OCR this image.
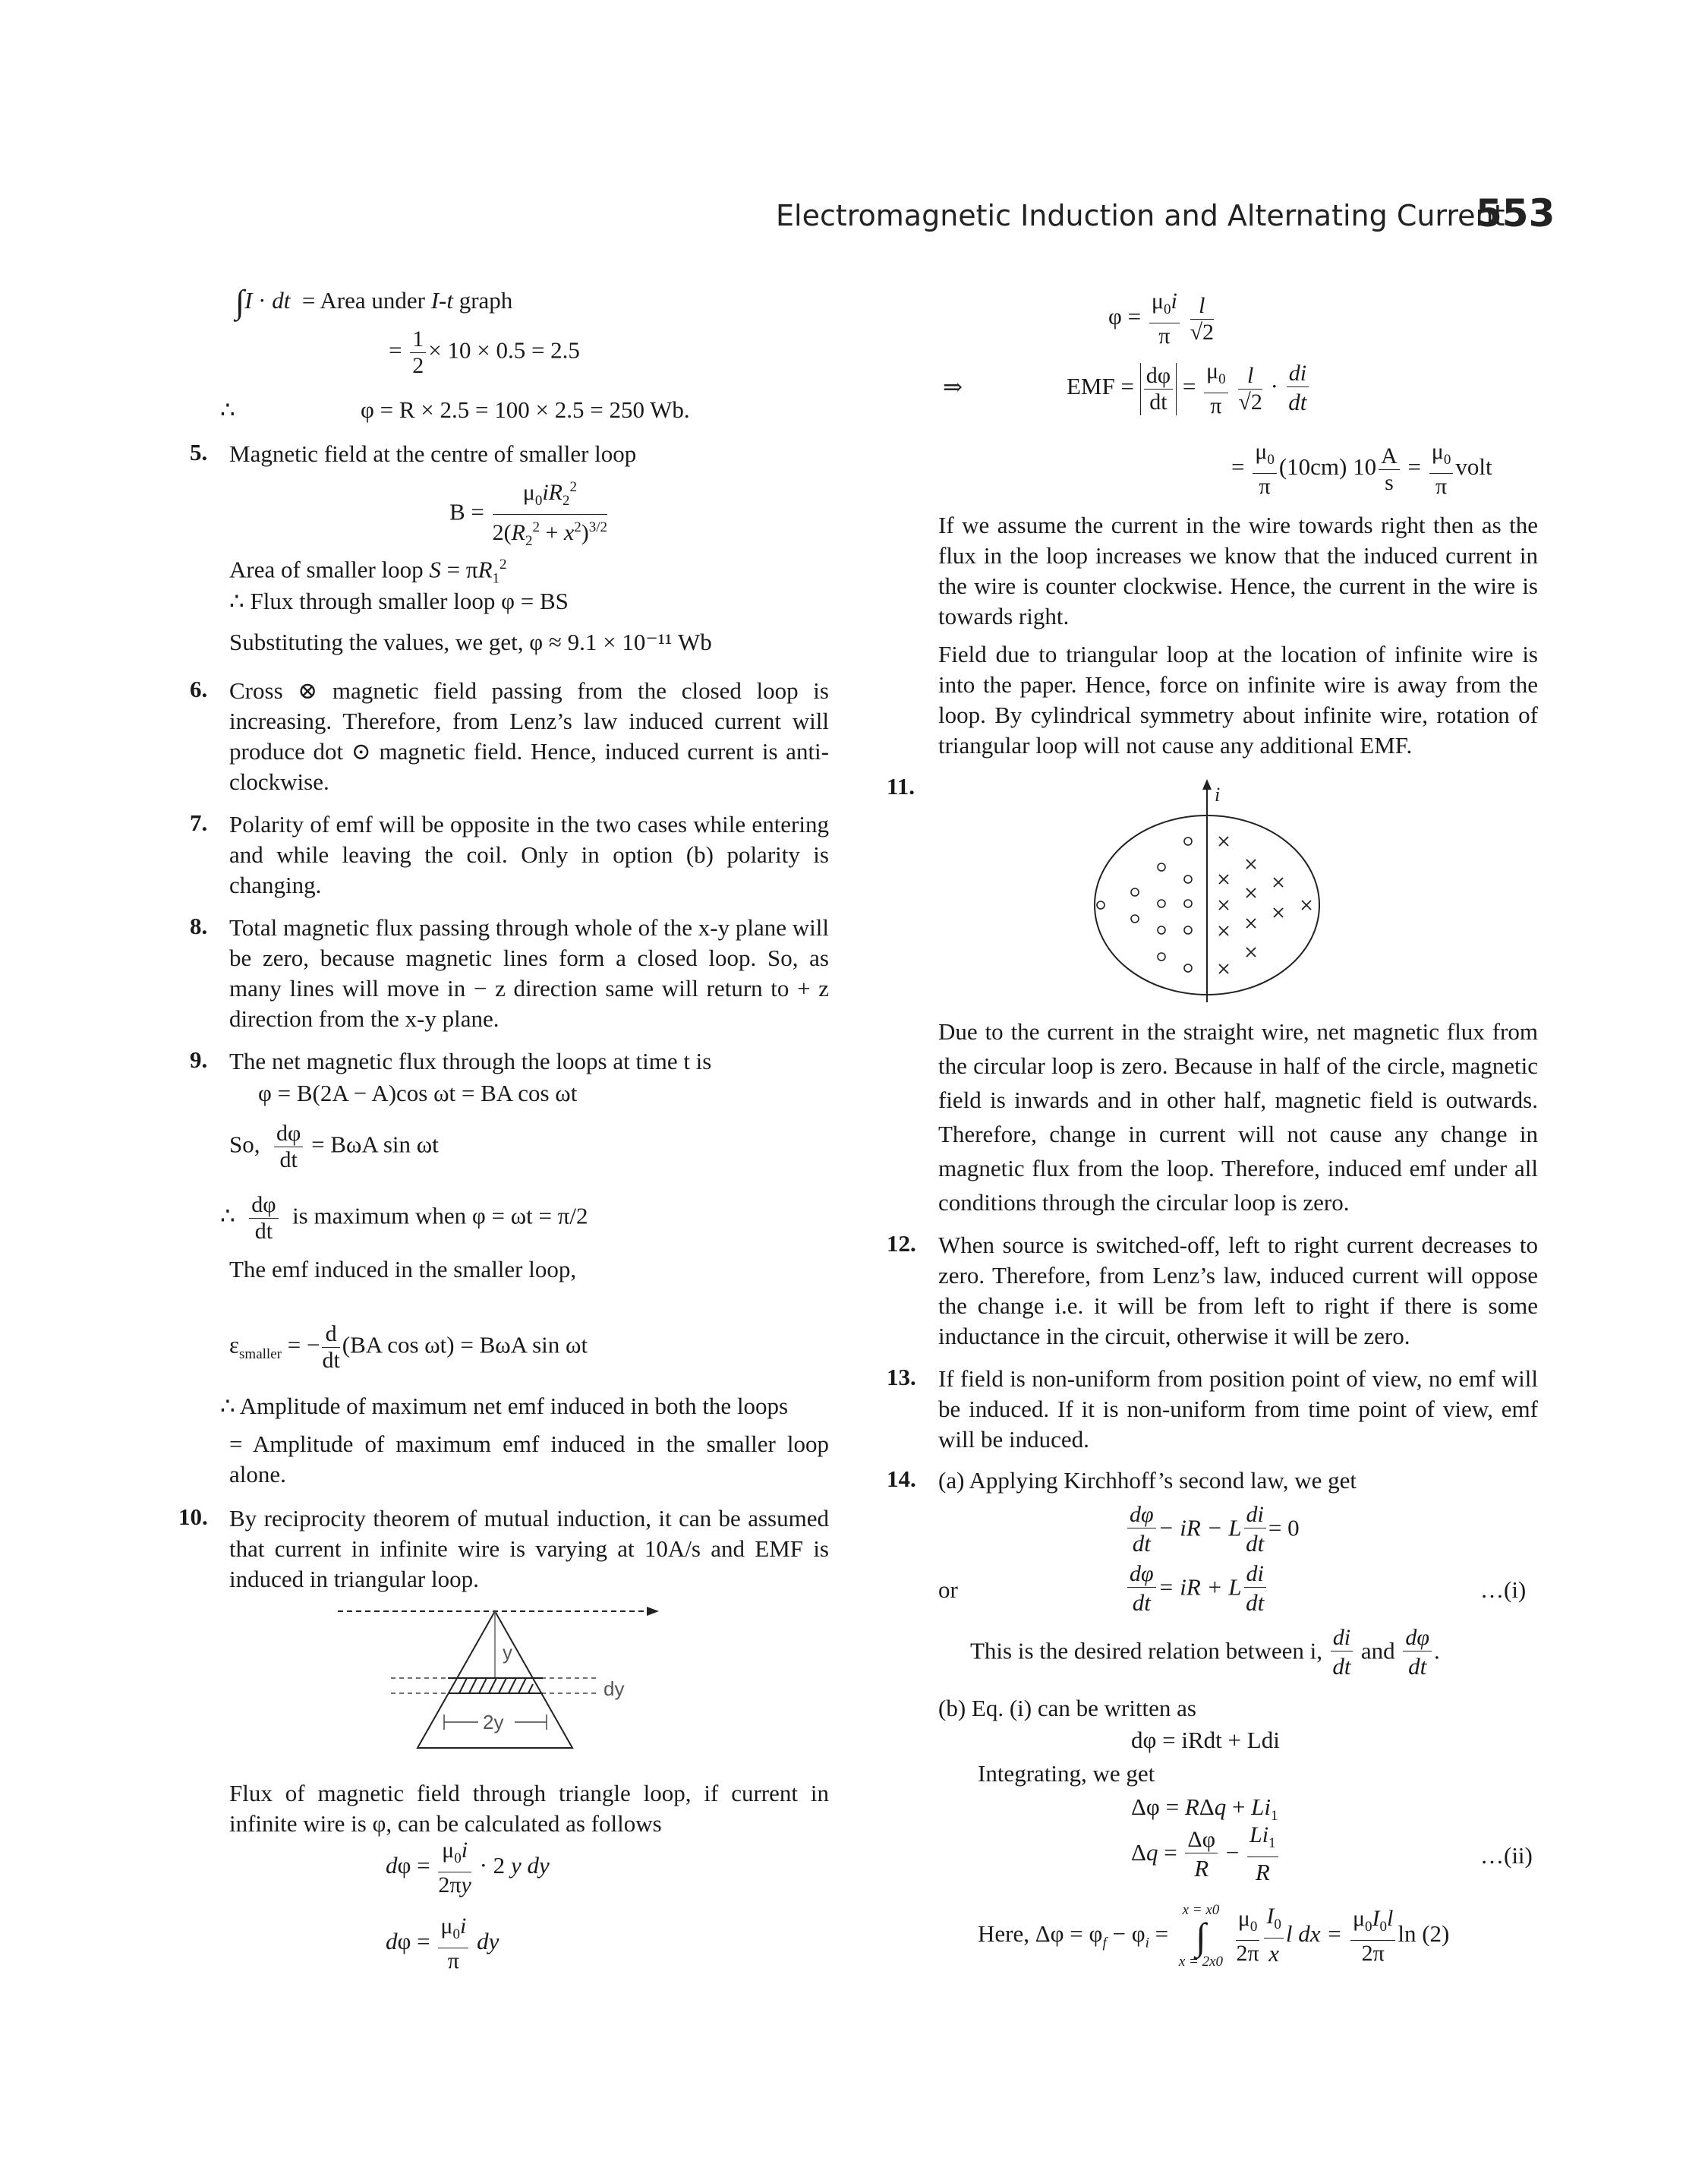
Electromagnetic Induction and Alternating Current
553
∫I · dt  = Area under I-t graph
= $\frac{1}{2} \times 10 \times 0.5 = 2.5$
∴	φ = R × 2.5 = 100 × 2.5 = 250 Wb.
5. Magnetic field at the centre of smaller loop
$B = \frac{\mu_0iR_2^2}{2(R_2^2 + x^2)^{3/2}}$
Area of smaller loop $S = \pi R_1^2$
∴ Flux through smaller loop φ = BS
Substituting the values, we get, φ ≈ 9.1 × 10⁻¹¹ Wb
6. Cross ⊗ magnetic field passing from the closed loop is increasing. Therefore, from Lenz’s law induced current will produce dot ⊙ magnetic field. Hence, induced current is anti-clockwise.
7. Polarity of emf will be opposite in the two cases while entering and while leaving the coil. Only in option (b) polarity is changing.
8. Total magnetic flux passing through whole of the x-y plane will be zero, because magnetic lines form a closed loop. So, as many lines will move in − z direction same will return to + z direction from the x-y plane.
9. The net magnetic flux through the loops at time t is
φ = B(2A − A)cos ωt = BA cos ωt
So, $\frac{d\varphi}{dt} = B\omega A$ sin ωt
∴ $\frac{d\varphi}{dt}$ is maximum when φ = ωt = π/2
The emf induced in the smaller loop,
$\varepsilon_{smaller}$ = − $\frac{d}{dt} (BA$ cos ωt) = BωA sin ωt
∴ Amplitude of maximum net emf induced in both the loops
= Amplitude of maximum emf induced in the smaller loop alone.
10. By reciprocity theorem of mutual induction, it can be assumed that current in infinite wire is varying at 10A/s and EMF is induced in triangular loop.
y
dy
2y
Flux of magnetic field through triangle loop, if current in infinite wire is φ, can be calculated as follows
$d\varphi = \frac{\mu_0i}{2\pi y} \cdot 2$ y dy
$d\varphi = \frac{\mu_0i}{\pi}$ dy
$\varphi = \frac{\mu_0i}{\pi}$
$\frac{l}{√2}$
⇒	EMF = $\frac{d\varphi}{dt} = \frac{\mu_0}{\pi}$
$\frac{l}{√2} \cdot \frac{di}{dt}$
= $\frac{\mu_0}{\pi} (10cm)$ $10 \frac{A}{s} = \frac{\mu_0}{\pi}$ volt
If we assume the current in the wire towards right then as the flux in the loop increases we know that the induced current in the wire is counter clockwise. Hence, the current in the wire is towards right.
Field due to triangular loop at the location of infinite wire is into the paper. Hence, force on infinite wire is away from the loop. By cylindrical symmetry about infinite wire, rotation of triangular loop will not cause any additional EMF.
11.	i
Due to the current in the straight wire, net magnetic flux from the circular loop is zero. Because in half of the circle, magnetic field is inwards and in other half, magnetic field is outwards. Therefore, change in current will not cause any change in magnetic flux from the loop. Therefore, induced emf under all conditions through the circular loop is zero.
12. When source is switched-off, left to right current decreases to zero. Therefore, from Lenz’s law, induced current will oppose the change i.e. it will be from left to right if there is some inductance in the circuit, otherwise it will be zero.
13. If field is non-uniform from position point of view, no emf will be induced. If it is non-uniform from time point of view, emf will be induced.
14. (a) Applying Kirchhoff’s second law, we get
$\frac{d\varphi}{dt}-$ iR − L $\frac{di}{dt}= 0$
or	$\frac{d\varphi}{dt}=$ iR + L $\frac{di}{dt}$	…(i)
This is the desired relation between i, $\frac{di}{dt}$ and $\frac{d\varphi}{dt}$.
(b) Eq. (i) can be written as
dφ = iRdt + Ldi
Integrating, we get
$\Delta\varphi = R\Delta q + Li_1$
$\Delta q = \frac{\Delta\varphi}{R} - \frac{Li_1}{R}$	…(ii)
Here, $\Delta\varphi = \varphi_f - \varphi_i$ =
x = x0
∫
x = 2x0
$\frac{\mu_0}{2\pi} \frac{I_0}{x}l$ dx = $\frac{\mu_0I_0l}{2\pi}$ ln (2)
